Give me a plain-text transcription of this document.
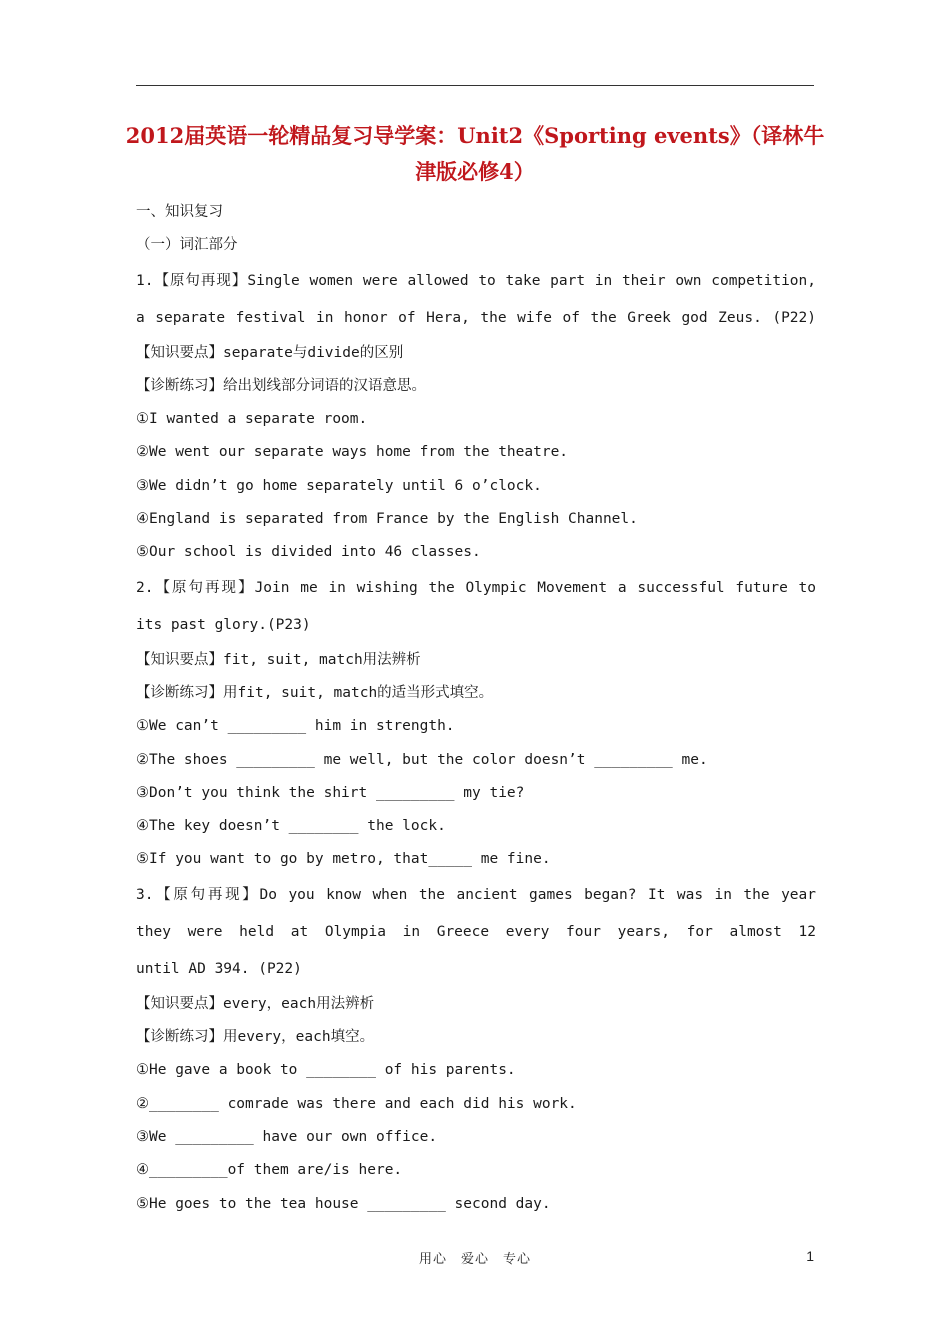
2012届英语一轮精品复习导学案：Unit2《Sporting events》（译林牛津版必修4）
一、知识复习
（一）词汇部分
1.【原句再现】Single women were allowed to take part in their own competition,
a separate festival in honor of Hera, the wife of the Greek god Zeus. (P22)
【知识要点】separate与divide的区别
【诊断练习】给出划线部分词语的汉语意思。
①I wanted a separate room.
②We went our separate ways home from the theatre.
③We didn’t go home separately until 6 o’clock.
④England is separated from France by the English Channel.
⑤Our school is divided into 46 classes.
2.【原句再现】Join me in wishing the Olympic Movement a successful future to
its past glory.(P23)
【知识要点】fit, suit, match用法辨析
【诊断练习】用fit, suit, match的适当形式填空。
①We can’t _________ him in strength.
②The shoes _________ me well, but the color doesn’t _________ me.
③Don’t you think the shirt _________ my tie?
④The key doesn’t ________ the lock.
⑤If you want to go by metro, that_____ me fine.
3.【原句再现】Do you know when the ancient games began? It was in the year
they were held at Olympia in Greece every four years, for almost 12
until AD 394. (P22)
【知识要点】every，each用法辨析
【诊断练习】用every，each填空。
①He gave a book to ________ of his parents.
②________ comrade was there and each did his work.
③We _________ have our own office.
④_________of them are/is here.
⑤He goes to the tea house _________ second day.
用心　爱心　专心	1
